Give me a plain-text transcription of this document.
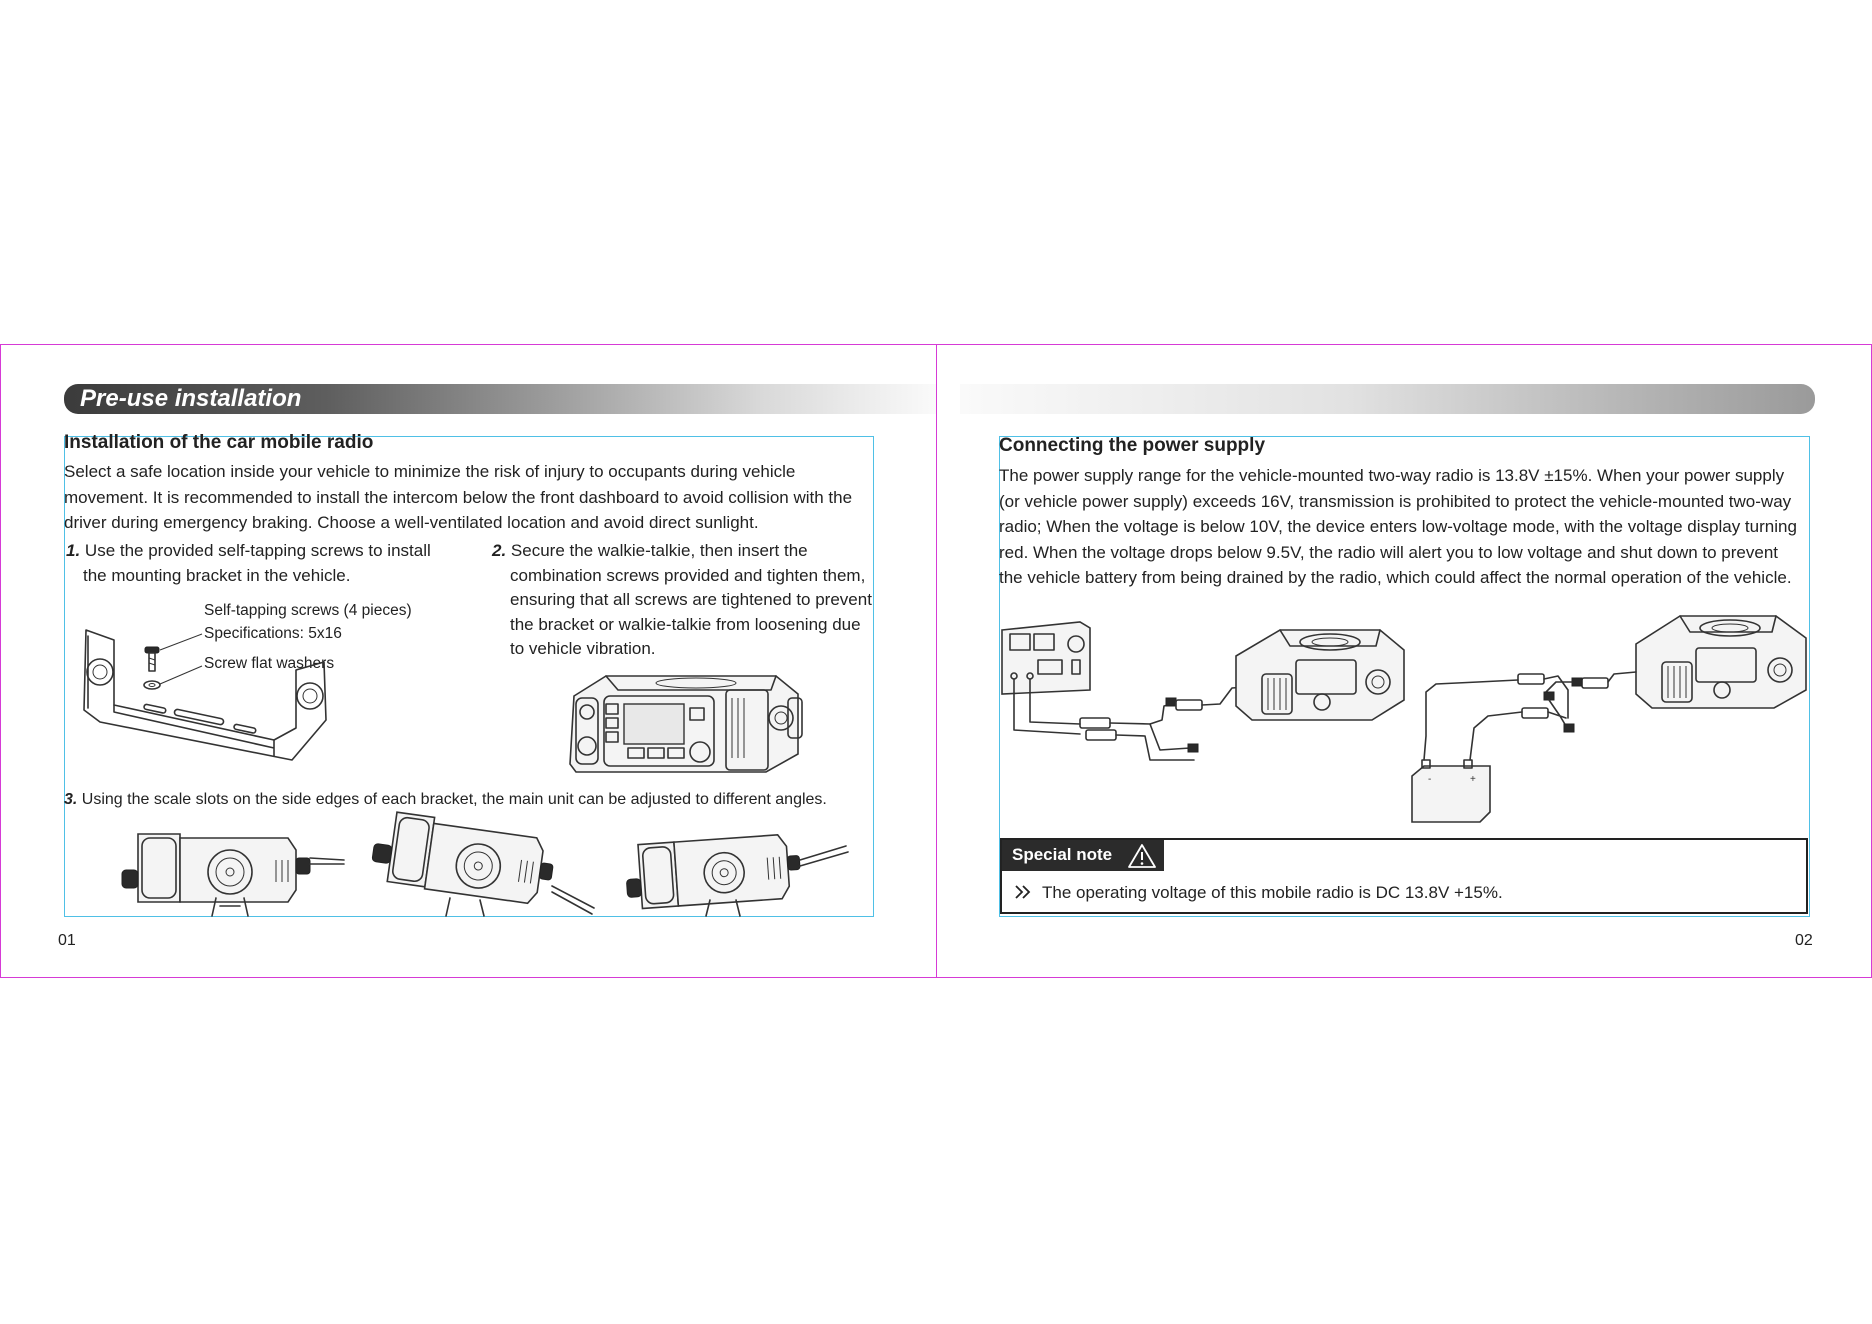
Pre-use installation
Installation of the car mobile radio
Select a safe location inside your vehicle to minimize the risk of injury to occupants during vehicle
movement. It is recommended to install the intercom below the front dashboard to avoid collision with the
driver during emergency braking. Choose a well-ventilated location and avoid direct sunlight.
1. Use the provided self-tapping screws to install
the mounting bracket in the vehicle.
2. Secure the walkie-talkie, then insert the
combination screws provided and tighten them,
ensuring that all screws are tightened to prevent
the bracket or walkie-talkie from loosening due
to vehicle vibration.
Self-tapping screws (4 pieces)
Specifications: 5x16
Screw flat washers
3. Using the scale slots on the side edges of each bracket, the main unit can be adjusted to different angles.
01
Connecting the power supply
The power supply range for the vehicle-mounted two-way radio is 13.8V ±15%. When your power supply
(or vehicle power supply) exceeds 16V, transmission is prohibited to protect the vehicle-mounted two-way
radio; When the voltage is below 10V, the device enters low-voltage mode, with the voltage display turning
red. When the voltage drops below 9.5V, the radio will alert you to low voltage and shut down to prevent
the vehicle battery from being drained by the radio, which could affect the normal operation of the vehicle.
-	+
Special note
The operating voltage of this mobile radio is DC 13.8V +15%.
02
